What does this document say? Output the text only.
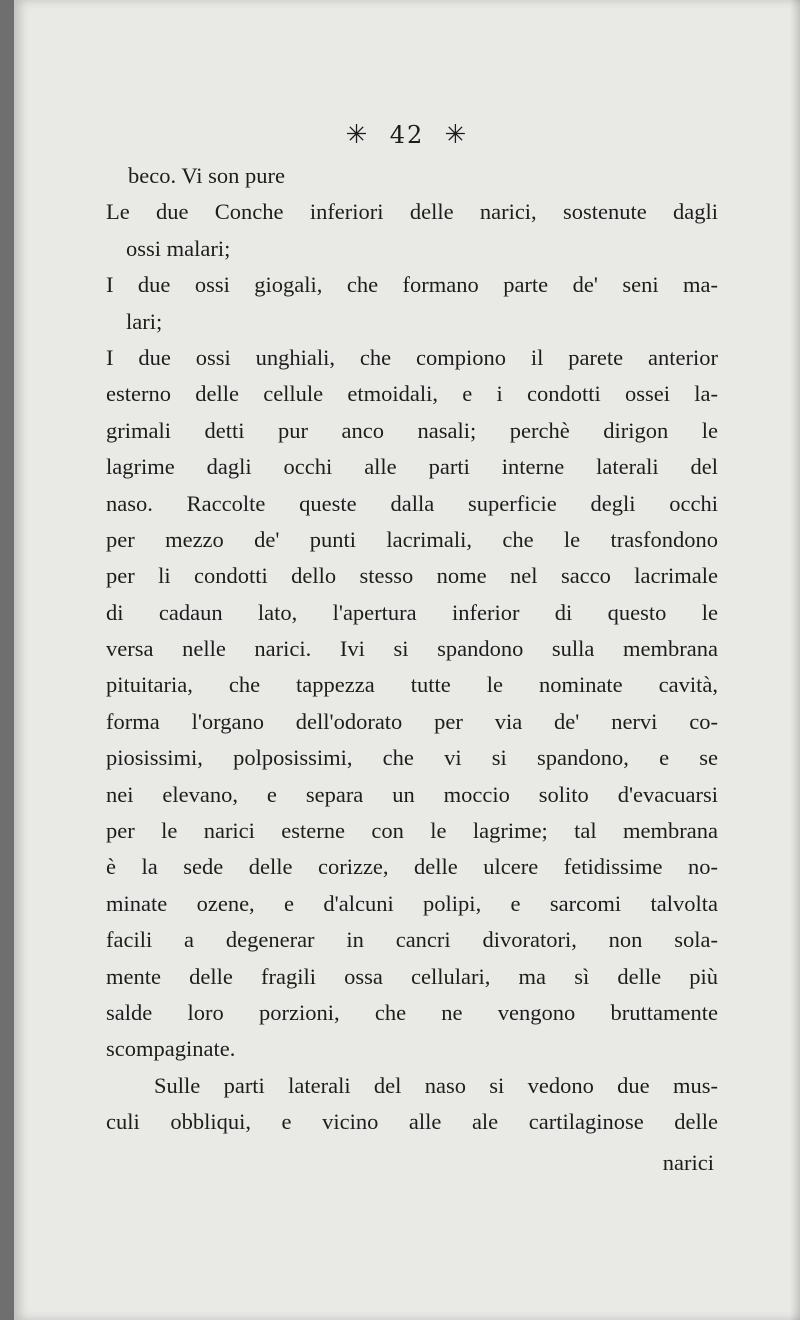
✳ 42 ✳
beco. Vi son pure
Le due Conche inferiori delle narici, sostenute dagli
ossi malari;
I due ossi giogali, che formano parte de' seni ma-
lari;
I due ossi unghiali, che compiono il parete anterior
esterno delle cellule etmoidali, e i condotti ossei la-
grimali detti pur anco nasali; perchè dirigon le
lagrime dagli occhi alle parti interne laterali del
naso. Raccolte queste dalla superficie degli occhi
per mezzo de' punti lacrimali, che le trasfondono
per li condotti dello stesso nome nel sacco lacrimale
di cadaun lato, l'apertura inferior di questo le
versa nelle narici. Ivi si spandono sulla membrana
pituitaria, che tappezza tutte le nominate cavità,
forma l'organo dell'odorato per via de' nervi co-
piosissimi, polposissimi, che vi si spandono, e se
nei elevano, e separa un moccio solito d'evacuarsi
per le narici esterne con le lagrime; tal membrana
è la sede delle corizze, delle ulcere fetidissime no-
minate ozene, e d'alcuni polipi, e sarcomi talvolta
facili a degenerar in cancri divoratori, non sola-
mente delle fragili ossa cellulari, ma sì delle più
salde loro porzioni, che ne vengono bruttamente
scompaginate.
Sulle parti laterali del naso si vedono due mus-
culi obbliqui, e vicino alle ale cartilaginose delle
narici
